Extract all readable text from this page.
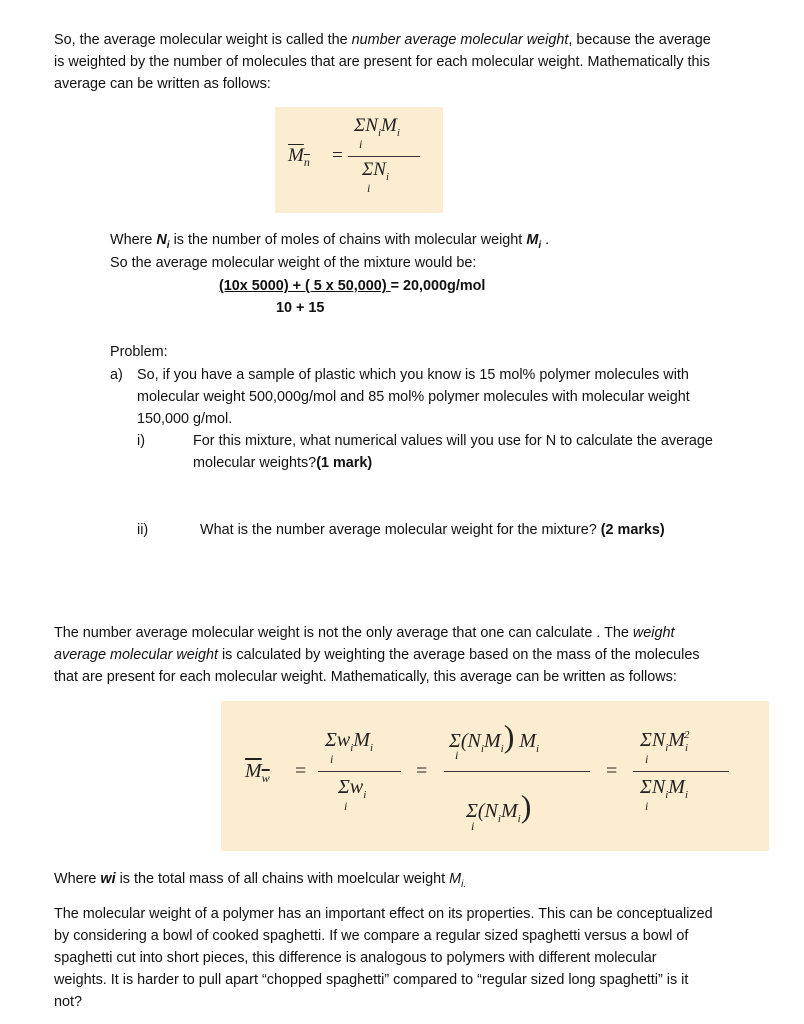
So, the average molecular weight is called the number average molecular weight, because the average
is weighted by the number of molecules that are present for each molecular weight. Mathematically this
average can be written as follows:
$M_n$ =
$\Sigma N_iM_i$
i
$\Sigma N_i$
i
Where $N_i$ is the number of moles of chains with molecular weight $M_i$ .
So the average molecular weight of the mixture would be:
(10x 5000) + ( 5 x 50,000) = 20,000g/mol
10 + 15
Problem:
a) So, if you have a sample of plastic which you know is 15 mol% polymer molecules with
molecular weight 500,000g/mol and 85 mol% polymer molecules with molecular weight
150,000 g/mol.
i)	For this mixture, what numerical values will you use for N to calculate the average
molecular weights?(1 mark)
ii)	What is the number average molecular weight for the mixture? (2 marks)
The number average molecular weight is not the only average that one can calculate . The weight
average molecular weight is calculated by weighting the average based on the mass of the molecules
that are present for each molecular weight. Mathematically, this average can be written as follows:
$M_w$ =
$\Sigma w_iM_i$
i
$\Sigma w_i$
i
=
$\Sigma(N_iM_i)$ $M_i$
i
$\Sigma(N_iM_i)$
i
=
$\Sigma N_iM_i^2$
i
$\Sigma N_iM_i$
i
Where wi is the total mass of all chains with moelcular weight $M_{i.}$
The molecular weight of a polymer has an important effect on its properties. This can be conceptualized
by considering a bowl of cooked spaghetti. If we compare a regular sized spaghetti versus a bowl of
spaghetti cut into short pieces, this difference is analogous to polymers with different molecular
weights. It is harder to pull apart “chopped spaghetti” compared to “regular sized long spaghetti” is it
not?
